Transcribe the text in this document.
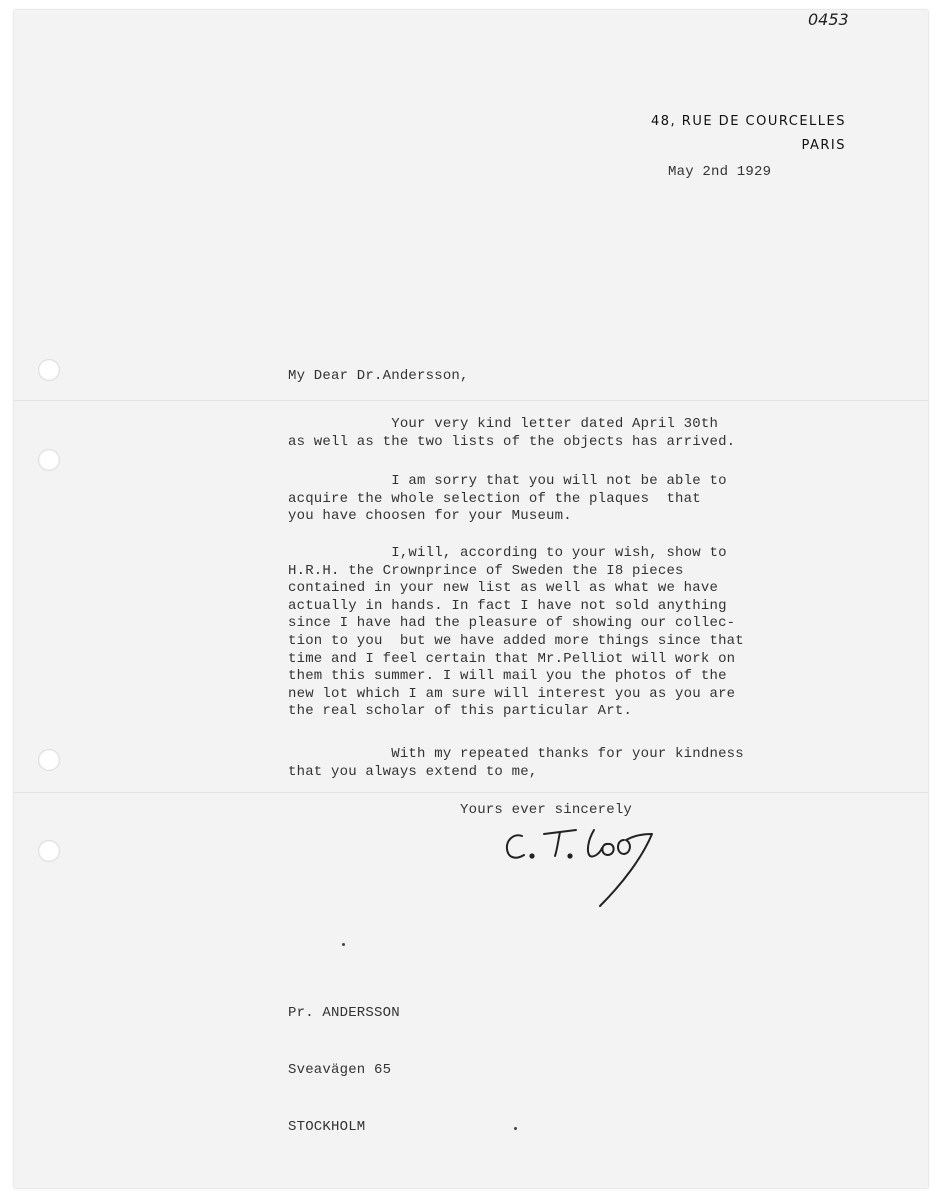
0453
48, RUE DE COURCELLES
PARIS
May 2nd 1929
My Dear Dr.Andersson,
Your very kind letter dated April 30th
as well as the two lists of the objects has arrived.
I am sorry that you will not be able to
acquire the whole selection of the plaques  that
you have choosen for your Museum.
I,will, according to your wish, show to
H.R.H. the Crownprince of Sweden the I8 pieces
contained in your new list as well as what we have
actually in hands. In fact I have not sold anything
since I have had the pleasure of showing our collec-
tion to you  but we have added more things since that
time and I feel certain that Mr.Pelliot will work on
them this summer. I will mail you the photos of the
new lot which I am sure will interest you as you are
the real scholar of this particular Art.
With my repeated thanks for your kindness
that you always extend to me,
Yours ever sincerely

Pr. ANDERSSON

Sveavägen 65

STOCKHOLM
